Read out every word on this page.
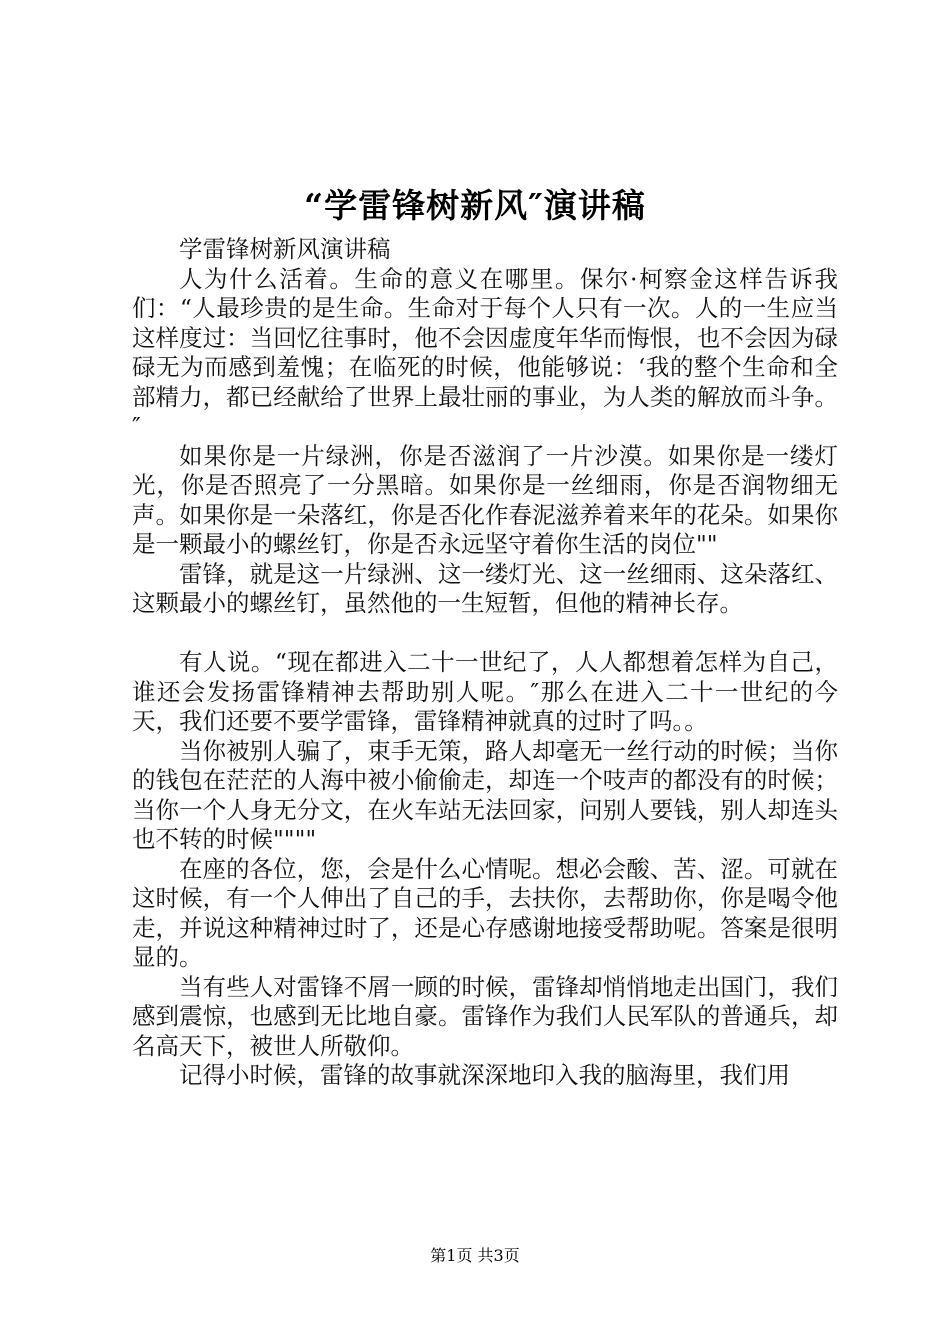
“学雷锋树新风″演讲稿

学雷锋树新风演讲稿

人为什么活着。生命的意义在哪里。保尔·柯察金这样告诉我们：“人最珍贵的是生命。生命对于每个人只有一次。人的一生应当这样度过：当回忆往事时，他不会因虚度年华而悔恨，也不会因为碌碌无为而感到羞愧；在临死的时候，他能够说：‘我的整个生命和全部精力，都已经献给了世界上最壮丽的事业，为人类的解放而斗争。″

如果你是一片绿洲，你是否滋润了一片沙漠。如果你是一缕灯光，你是否照亮了一分黑暗。如果你是一丝细雨，你是否润物细无声。如果你是一朵落红，你是否化作春泥滋养着来年的花朵。如果你是一颗最小的螺丝钉，你是否永远坚守着你生活的岗位""

雷锋，就是这一片绿洲、这一缕灯光、这一丝细雨、这朵落红、这颗最小的螺丝钉，虽然他的一生短暂，但他的精神长存。

有人说。“现在都进入二十一世纪了，人人都想着怎样为自己，谁还会发扬雷锋精神去帮助别人呢。″那么在进入二十一世纪的今天，我们还要不要学雷锋，雷锋精神就真的过时了吗。。

当你被别人骗了，束手无策，路人却毫无一丝行动的时候；当你的钱包在茫茫的人海中被小偷偷走，却连一个吱声的都没有的时候；当你一个人身无分文，在火车站无法回家，问别人要钱，别人却连头也不转的时候""""

在座的各位，您，会是什么心情呢。想必会酸、苦、涩。可就在这时候，有一个人伸出了自己的手，去扶你，去帮助你，你是喝令他走，并说这种精神过时了，还是心存感谢地接受帮助呢。答案是很明显的。

当有些人对雷锋不屑一顾的时候，雷锋却悄悄地走出国门，我们感到震惊，也感到无比地自豪。雷锋作为我们人民军队的普通兵，却名高天下，被世人所敬仰。

记得小时候，雷锋的故事就深深地印入我的脑海里，我们用

第1页 共3页
